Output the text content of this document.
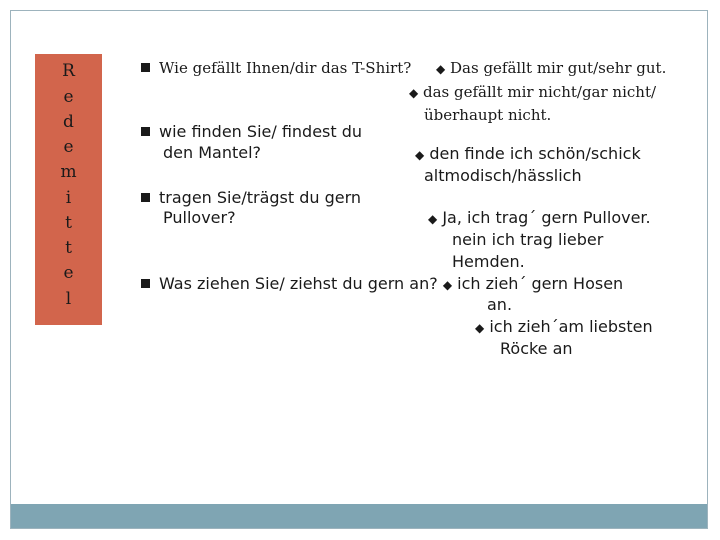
R
e
d
e
m
i
t
t
e
l
Wie gefällt Ihnen/dir das T-Shirt? ◆ Das gefällt mir gut/sehr gut.
◆ das gefällt mir nicht/gar nicht/
überhaupt nicht.
wie finden Sie/ findest du
den Mantel?	◆ den finde ich schön/schick
altmodisch/hässlich
tragen Sie/trägst du gern
Pullover?	◆ Ja, ich trag´ gern Pullover.
nein ich trag lieber
Hemden.
Was ziehen Sie/ ziehst du gern an? ◆ ich zieh´ gern Hosen
an.
◆ ich zieh´am liebsten
Röcke an
